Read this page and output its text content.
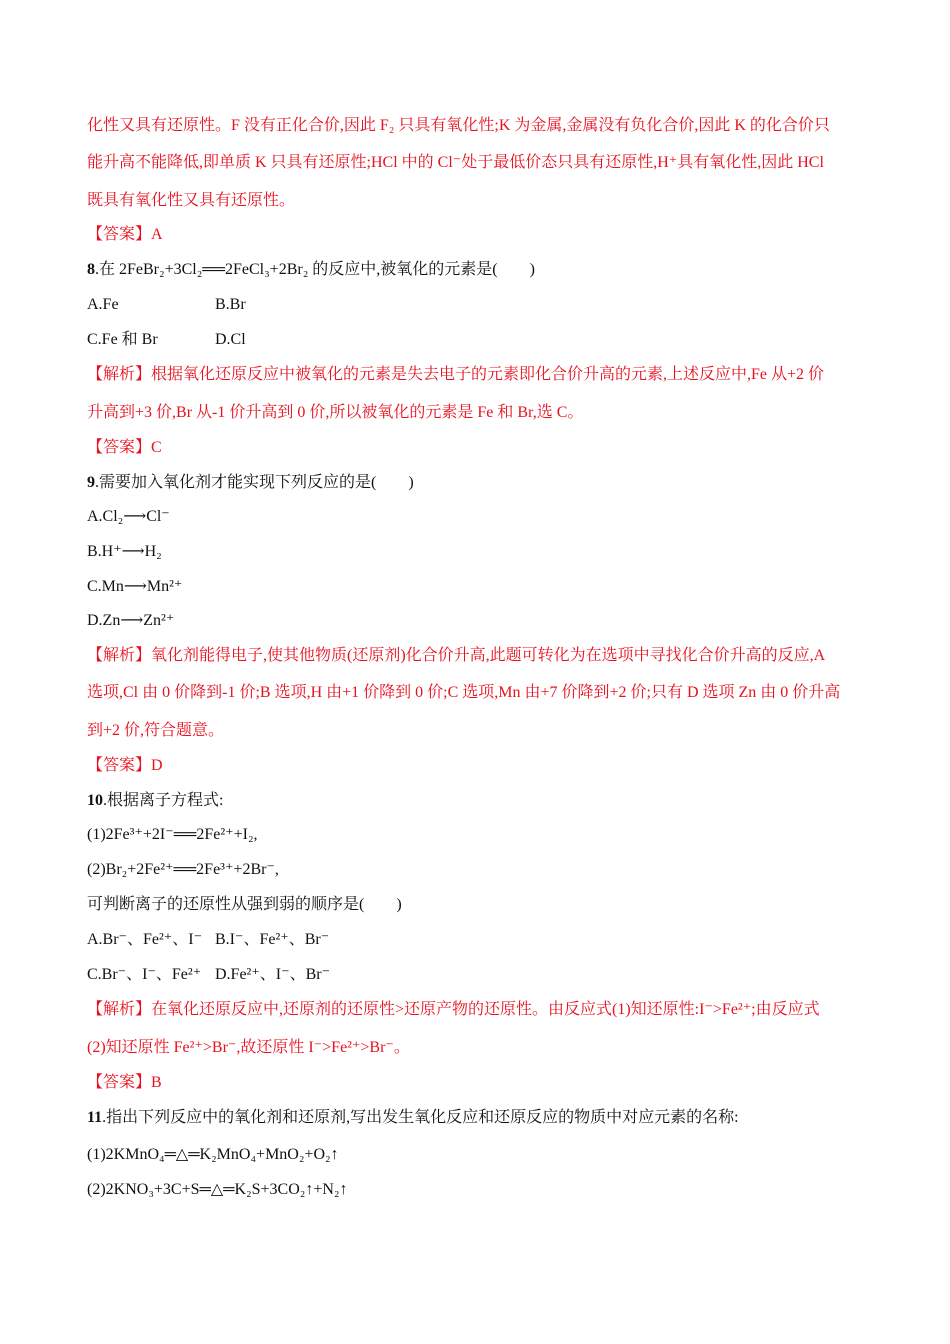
化性又具有还原性。F 没有正化合价,因此 F₂ 只具有氧化性;K 为金属,金属没有负化合价,因此 K 的化合价只
能升高不能降低,即单质 K 只具有还原性;HCl 中的 Cl⁻处于最低价态只具有还原性,H⁺具有氧化性,因此 HCl
既具有氧化性又具有还原性。
【答案】A
8.在 2FeBr₂+3Cl₂══2FeCl₃+2Br₂ 的反应中,被氧化的元素是(　　)
A.Fe	B.Br
C.Fe 和 Br	D.Cl
【解析】根据氧化还原反应中被氧化的元素是失去电子的元素即化合价升高的元素,上述反应中,Fe 从+2 价
升高到+3 价,Br 从-1 价升高到 0 价,所以被氧化的元素是 Fe 和 Br,选 C。
【答案】C
9.需要加入氧化剂才能实现下列反应的是(　　)
A.Cl₂⟶Cl⁻
B.H⁺⟶H₂
C.Mn⟶Mn²⁺
D.Zn⟶Zn²⁺
【解析】氧化剂能得电子,使其他物质(还原剂)化合价升高,此题可转化为在选项中寻找化合价升高的反应,A
选项,Cl 由 0 价降到-1 价;B 选项,H 由+1 价降到 0 价;C 选项,Mn 由+7 价降到+2 价;只有 D 选项 Zn 由 0 价升高
到+2 价,符合题意。
【答案】D
10.根据离子方程式:
(1)2Fe³⁺+2I⁻══2Fe²⁺+I₂,
(2)Br₂+2Fe²⁺══2Fe³⁺+2Br⁻,
可判断离子的还原性从强到弱的顺序是(　　)
A.Br⁻、Fe²⁺、I⁻ B.I⁻、Fe²⁺、Br⁻
C.Br⁻、I⁻、Fe²⁺ D.Fe²⁺、I⁻、Br⁻
【解析】在氧化还原反应中,还原剂的还原性>还原产物的还原性。由反应式(1)知还原性:I⁻>Fe²⁺;由反应式
(2)知还原性 Fe²⁺>Br⁻,故还原性 I⁻>Fe²⁺>Br⁻。
【答案】B
11.指出下列反应中的氧化剂和还原剂,写出发生氧化反应和还原反应的物质中对应元素的名称:
(1)2KMnO₄═△═K₂MnO₄+MnO₂+O₂↑
(2)2KNO₃+3C+S═△═K₂S+3CO₂↑+N₂↑
